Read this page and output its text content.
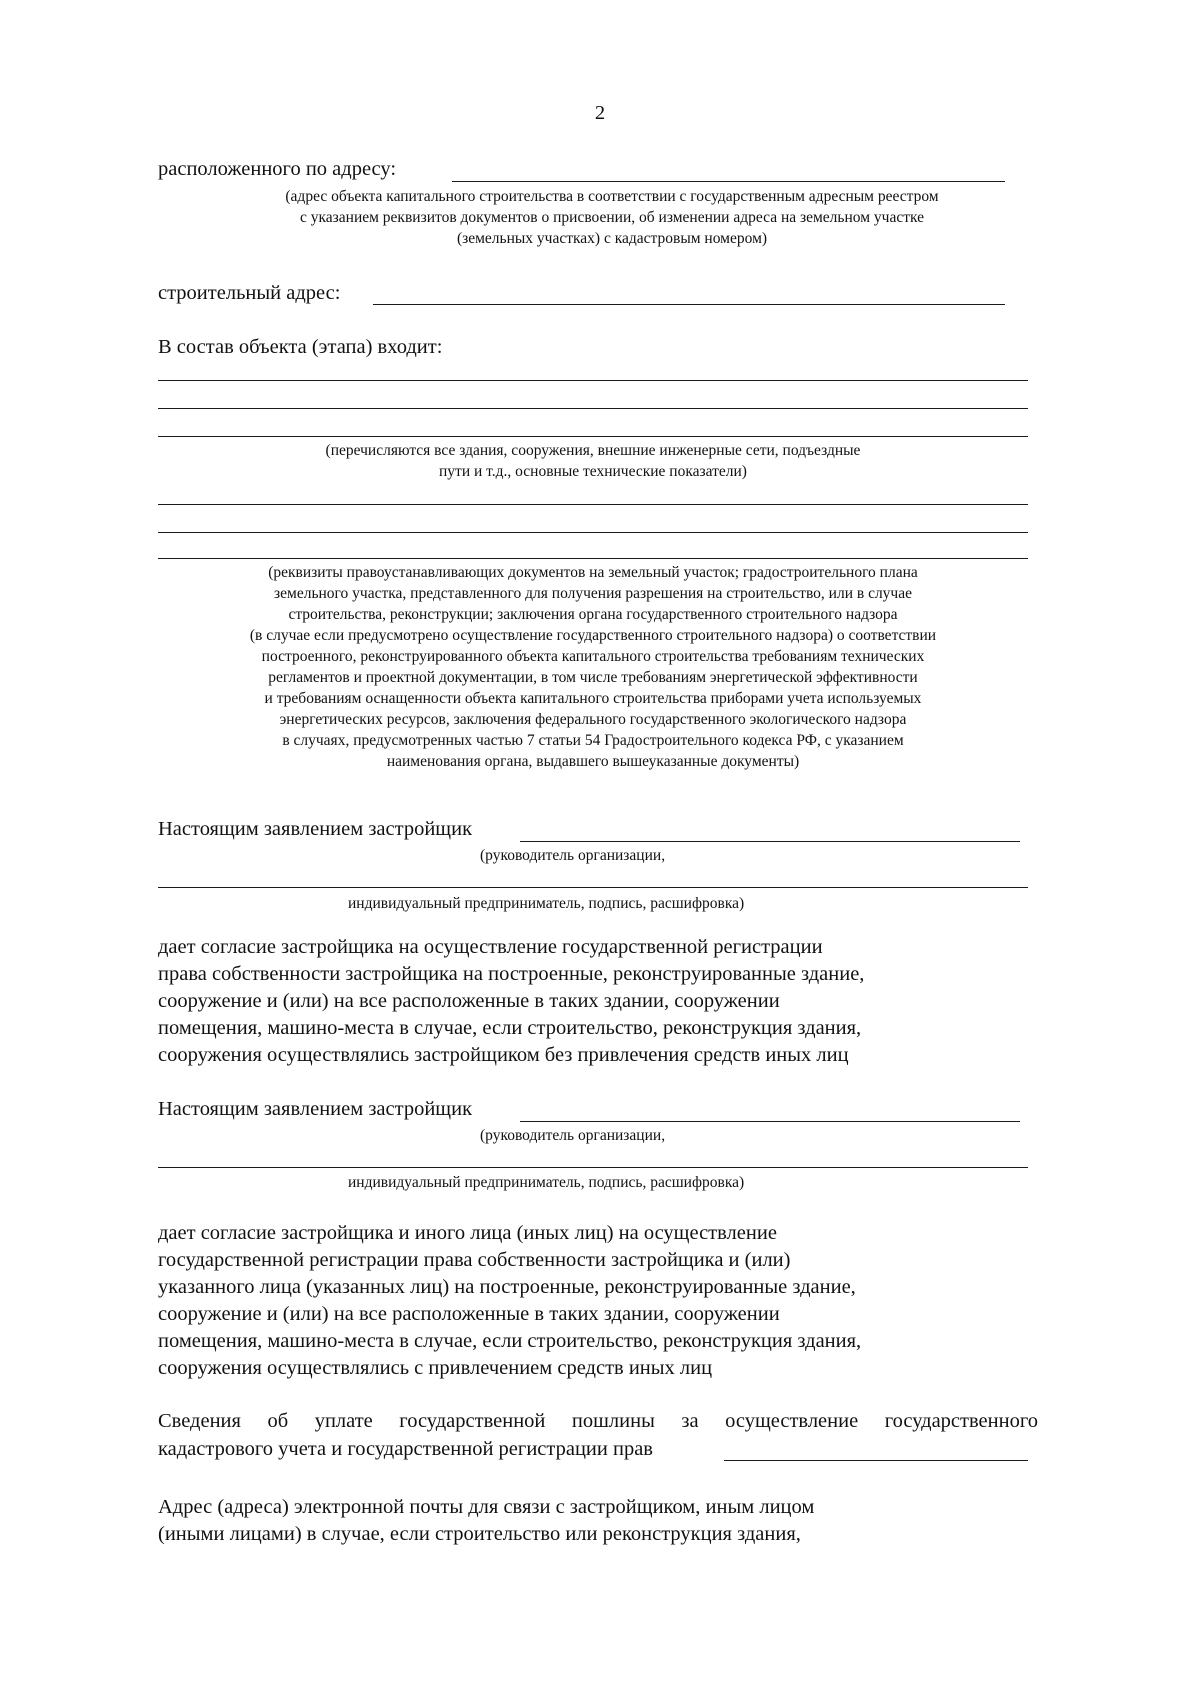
2
расположенного по адресу:
(адрес объекта капитального строительства в соответствии с государственным адресным реестром
с указанием реквизитов документов о присвоении, об изменении адреса на земельном участке
(земельных участках) с кадастровым номером)
строительный адрес:
В состав объекта (этапа) входит:
(перечисляются все здания, сооружения, внешние инженерные сети, подъездные
пути и т.д., основные технические показатели)
(реквизиты правоустанавливающих документов на земельный участок; градостроительного плана
земельного участка, представленного для получения разрешения на строительство, или в случае
строительства, реконструкции; заключения органа государственного строительного надзора
(в случае если предусмотрено осуществление государственного строительного надзора) о соответствии
построенного, реконструированного объекта капитального строительства требованиям технических
регламентов и проектной документации, в том числе требованиям энергетической эффективности
и требованиям оснащенности объекта капитального строительства приборами учета используемых
энергетических ресурсов, заключения федерального государственного экологического надзора
в случаях, предусмотренных частью 7 статьи 54 Градостроительного кодекса РФ, с указанием
наименования органа, выдавшего вышеуказанные документы)
Настоящим заявлением застройщик
(руководитель организации,
индивидуальный предприниматель, подпись, расшифровка)
дает согласие застройщика на осуществление государственной регистрации
права собственности застройщика на построенные, реконструированные здание,
сооружение и (или) на все расположенные в таких здании, сооружении
помещения, машино-места в случае, если строительство, реконструкция здания,
сооружения осуществлялись застройщиком без привлечения средств иных лиц
Настоящим заявлением застройщик
(руководитель организации,
индивидуальный предприниматель, подпись, расшифровка)
дает согласие застройщика и иного лица (иных лиц) на осуществление
государственной регистрации права собственности застройщика и (или)
указанного лица (указанных лиц) на построенные, реконструированные здание,
сооружение и (или) на все расположенные в таких здании, сооружении
помещения, машино-места в случае, если строительство, реконструкция здания,
сооружения осуществлялись с привлечением средств иных лиц
Сведения об уплате государственной пошлины за осуществление государственного
кадастрового учета и государственной регистрации прав
Адрес (адреса) электронной почты для связи с застройщиком, иным лицом
(иными лицами) в случае, если строительство или реконструкция здания,
